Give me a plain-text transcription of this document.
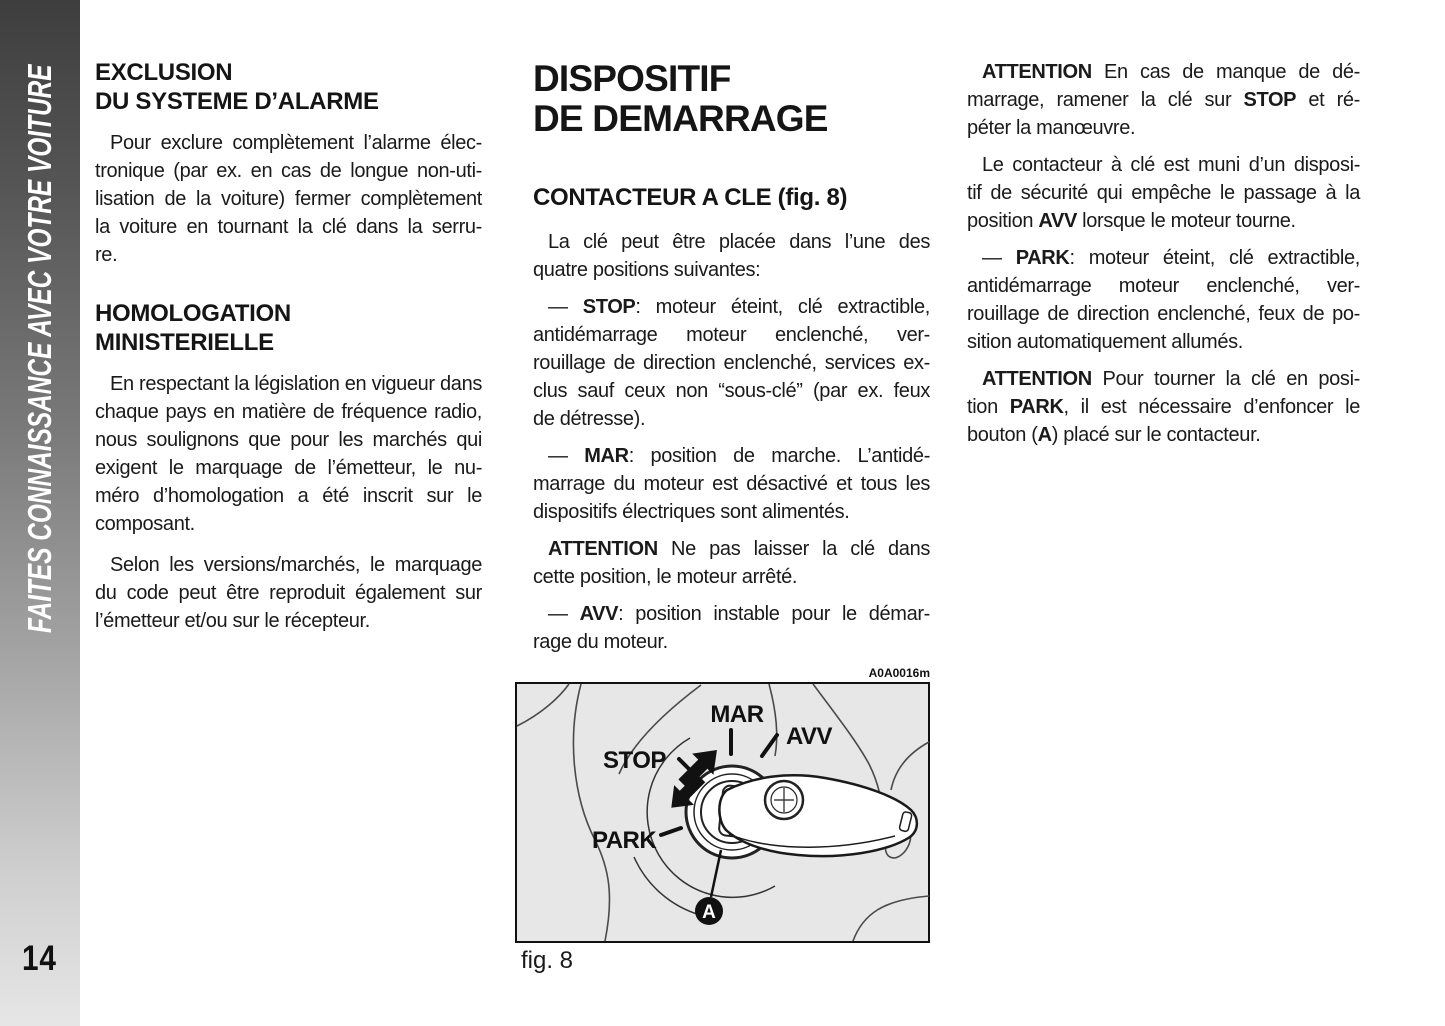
FAITES CONNAISSANCE AVEC VOTRE VOITURE
14
EXCLUSION
DU SYSTEME D’ALARME
Pour exclure complètement l’alarme élec-
tronique (par ex. en cas de longue non-uti-
lisation de la voiture) fermer complètement
la voiture en tournant la clé dans la serru-
re.
HOMOLOGATION
MINISTERIELLE
En respectant la législation en vigueur dans
chaque pays en matière de fréquence radio,
nous soulignons que pour les marchés qui
exigent le marquage de l’émetteur, le nu-
méro d’homologation a été inscrit sur le
composant.
Selon les versions/marchés, le marquage
du code peut être reproduit également sur
l’émetteur et/ou sur le récepteur.
DISPOSITIF
DE DEMARRAGE
CONTACTEUR A CLE (fig. 8)
La clé peut être placée dans l’une des
quatre positions suivantes:
— STOP: moteur éteint, clé extractible,
antidémarrage moteur enclenché, ver-
rouillage de direction enclenché, services ex-
clus sauf ceux non “sous-clé” (par ex. feux
de détresse).
— MAR: position de marche. L’antidé-
marrage du moteur est désactivé et tous les
dispositifs électriques sont alimentés.
ATTENTION Ne pas laisser la clé dans
cette position, le moteur arrêté.
— AVV: position instable pour le démar-
rage du moteur.
A0A0016m
A
MAR
AVV
STOP
PARK
fig. 8
ATTENTION En cas de manque de dé-
marrage, ramener la clé sur STOP et ré-
péter la manœuvre.
Le contacteur à clé est muni d’un disposi-
tif de sécurité qui empêche le passage à la
position AVV lorsque le moteur tourne.
— PARK: moteur éteint, clé extractible,
antidémarrage moteur enclenché, ver-
rouillage de direction enclenché, feux de po-
sition automatiquement allumés.
ATTENTION Pour tourner la clé en posi-
tion PARK, il est nécessaire d’enfoncer le
bouton (A) placé sur le contacteur.
